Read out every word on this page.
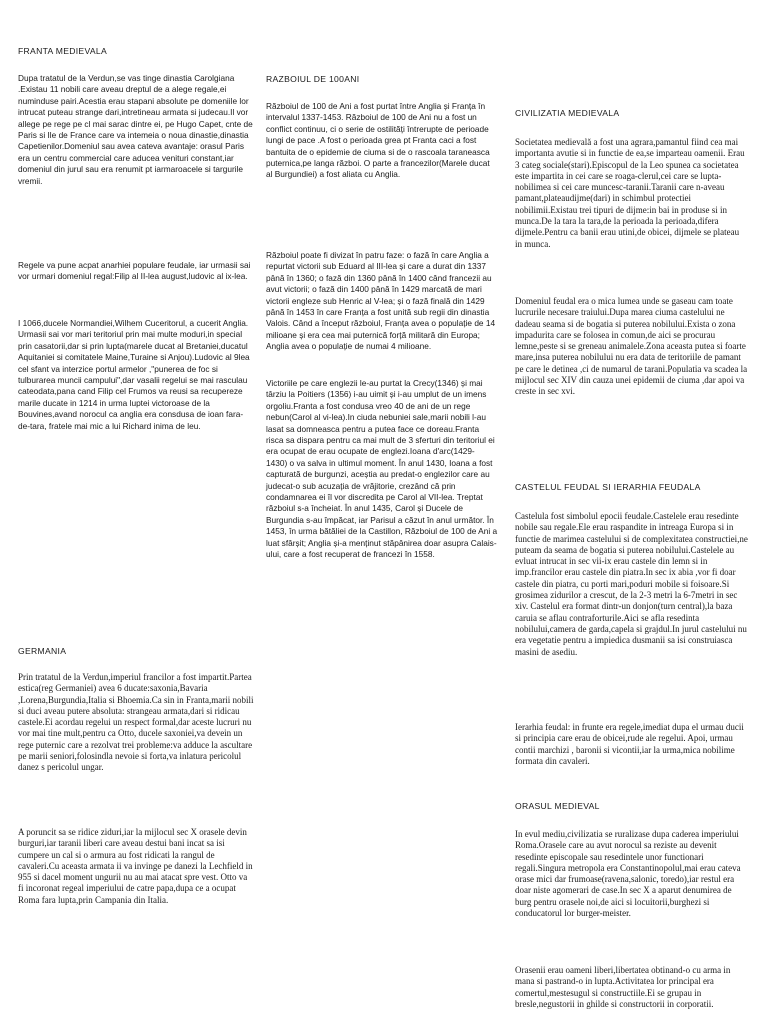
FRANTA MEDIEVALA

Dupa tratatul de la Verdun,se vas tinge dinastia Carolgiana .Existau 11 nobili care aveau dreptul de a alege regale,ei numinduse pairi.Acestia erau stapani absolute pe domeniile lor intrucat puteau strange dari,intretineau armata si judecau.Il vor allege pe rege pe cl mai sarac dintre ei, pe Hugo Capet, cnte de Paris si Ile de France care va intemeia o noua dinastie,dinastia Capetienilor.Domeniul sau avea cateva avantaje: orasul Paris era un centru commercial care aducea venituri constant,iar domeniul din jurul sau era renumit pt iarmaroacele si targurile vremii.

Regele va pune acpat anarhiei populare feudale, iar urmasii sai vor urmari domeniul regal:Filip al II-lea august,ludovic al ix-lea.

I 1066,ducele Normandiei,Wilhem Cuceritorul, a cucerit Anglia. Urmasii sai vor mari teritoriul prin mai multe moduri,in special prin casatorii,dar si prin lupta(marele ducat al Bretaniei,ducatul Aquitaniei si comitatele Maine,Turaine si Anjou).Ludovic al 9lea cel sfant va interzice portul armelor ,"punerea de foc si tulburarea muncii campului",dar vasalii regelui se mai rasculau cateodata,pana cand Filip cel Frumos va reusi sa recupereze marile ducate in 1214 in urma luptei victoroase de la Bouvines,avand norocul ca anglia era consdusa de ioan fara-de-tara, fratele mai mic a lui Richard inima de leu.

GERMANIA

Prin tratatul de la Verdun,imperiul francilor a fost impartit.Partea estica(reg Germaniei) avea 6 ducate:saxonia,Bavaria ,Lorena,Burgundia,Italia si Bhoemia.Ca sin in Franta,marii nobili si duci aveau putere absoluta: strangeau armata,dari si ridicau castele.Ei acordau regelui un respect formal,dar aceste lucruri nu vor mai tine mult,pentru ca Otto, ducele saxoniei,va devein un rege puternic care a rezolvat trei probleme:va adduce la ascultare pe marii seniori,folosindla nevoie si forta,va inlatura pericolul danez s pericolul ungar.

A poruncit sa se ridice ziduri,iar la mijlocul sec X orasele devin burguri,iar taranii liberi care aveau destui bani incat sa isi cumpere un cal si o armura au fost ridicati la rangul de cavaleri.Cu aceasta armata ii va invinge pe danezi la Lechfield in 955 si dacel moment ungurii nu au mai atacat spre vest. Otto va fi incoronat regeal imperiului de catre papa,dupa ce a ocupat Roma fara lupta,prin Campania din Italia.

RAZBOIUL DE 100ANI

Războiul de 100 de Ani a fost purtat între Anglia și Franța în intervalul 1337-1453. Războiul de 100 de Ani nu a fost un conflict continuu, ci o serie de ostilități întrerupte de perioade lungi de pace .A fost o perioada grea pt Franta caci a fost bantuita de o epidemie de ciuma si de o rascoala taraneasca puternica,pe langa război. O parte a francezilor(Marele ducat al Burgundiei) a fost aliata cu Anglia.

Războiul poate fi divizat în patru faze: o fază în care Anglia a repurtat victorii sub Eduard al III-lea și care a durat din 1337 până în 1360; o fază din 1360 până în 1400 când francezii au avut victorii; o fază din 1400 până în 1429 marcată de mari victorii engleze sub Henric al V-lea; și o fază finală din 1429 până în 1453 în care Franța a fost unită sub regii din dinastia Valois. Când a început războiul, Franța avea o populație de 14 milioane și era cea mai puternică forță militară din Europa; Anglia avea o populație de numai 4 milioane.

Victoriile pe care englezii le-au purtat la Crecy(1346) și mai târziu la Poitiers (1356) i-au uimit și i-au umplut de un imens orgoliu.Franta a fost condusa vreo 40 de ani de un rege nebun(Carol al vi-lea).In ciuda nebuniei sale,marii nobili l-au lasat sa domneasca pentru a putea face ce doreau.Franta risca sa dispara pentru ca mai mult de 3 sferturi din teritoriul ei era ocupat de erau ocupate de englezi.Ioana d'arc(1429- 1430) o va salva in ultimul moment. În anul 1430, Ioana a fost capturată de burgunzi, aceștia au predat-o englezilor care au judecat-o sub acuzația de vrăjitorie, crezând că prin condamnarea ei îl vor discredita pe Carol al VII-lea. Treptat războiul s-a încheiat. În anul 1435, Carol și Ducele de Burgundia s-au împăcat, iar Parisul a căzut în anul următor. În 1453, în urma bătăliei de la Castillon, Războiul de 100 de Ani a luat sfârșit; Anglia și-a menținut stăpânirea doar asupra Calais-ului, care a fost recuperat de francezi în 1558.

CIVILIZATIA MEDIEVALA

Societatea medievală a fost una agrara,pamantul fiind cea mai importanta avutie si in functie de ea,se imparteau oamenii. Erau 3 categ sociale(stari).Episcopul de la Leo spunea ca societatea este impartita in cei care se roaga-clerul,cei care se lupta- nobilimea si cei care muncesc-taranii.Taranii care n-aveau pamant,plateaudijme(dari) in schimbul protectiei nobilimii.Existau trei tipuri de dijme:in bai in produse si in munca.De la tara la tara,de la perioada la perioada,difera dijmele.Pentru ca banii erau utini,de obicei, dijmele se plateau in munca.

Domeniul feudal era o mica lumea unde se gaseau cam toate lucrurile necesare traiului.Dupa marea ciuma castelului ne dadeau seama si de bogatia si puterea nobilului.Exista o zona impadurita care se folosea in comun,de aici se procurau lemne,peste si se greneau animalele.Zona aceasta putea si foarte mare,insa puterea nobilului nu era data de teritoriile de pamant pe care le detinea ,ci de numarul de tarani.Populatia va scadea la mijlocul sec XIV din cauza unei epidemii de ciuma ,dar apoi va creste in sec xvi.

CASTELUL FEUDAL SI IERARHIA FEUDALA

Castelula fost simbolul epocii feudale.Castelele erau resedinte nobile sau regale.Ele erau raspandite in intreaga Europa si in functie de marimea castelului si de complexitatea constructiei,ne puteam da seama de bogatia si puterea nobilului.Castelele au evluat intrucat in sec vii-ix erau castele din lemn si in imp.francilor erau castele din piatra.In sec ix abia ,vor fi doar castele din piatra, cu porti mari,poduri mobile si foisoare.Si grosimea zidurilor a crescut, de la 2-3 metri la 6-7metri in sec xiv. Castelul era format dintr-un donjon(turn central),la baza caruia se aflau contraforturile.Aici se afla resedinta nobilului,camera de garda,capela si grajdul.In jurul castelului nu era vegetatie pentru a impiedica dusmanii sa isi construiasca masini de asediu.

Ierarhia feudal: in frunte era regele,imediat dupa el urmau ducii si principia care erau de obicei,rude ale regelui. Apoi, urmau contii marchizi , baronii si vicontii,iar la urma,mica nobilime formata din cavaleri.

ORASUL MEDIEVAL

In evul mediu,civilizatia se ruralizase dupa caderea imperiului Roma.Orasele care au avut norocul sa reziste au devenit resedinte episcopale sau resedintele unor functionari regali.Singura metropola era Constantinopolul,mai erau cateva orase mici dar frumoase(ravena,salonic, toredo),iar restul era doar niste agomerari de case.In sec X a aparut denumirea de burg pentru orasele noi,de aici si locuitorii,burghezi si conducatorul lor burger-meister.

Orasenii erau oameni liberi,libertatea obtinand-o cu arma in mana si pastrand-o in lupta.Activitatea lor principal era comertul,mestesugul si constructiile.Ei se grupau in bresle,negustorii in ghilde si constructorii in corporatii.
